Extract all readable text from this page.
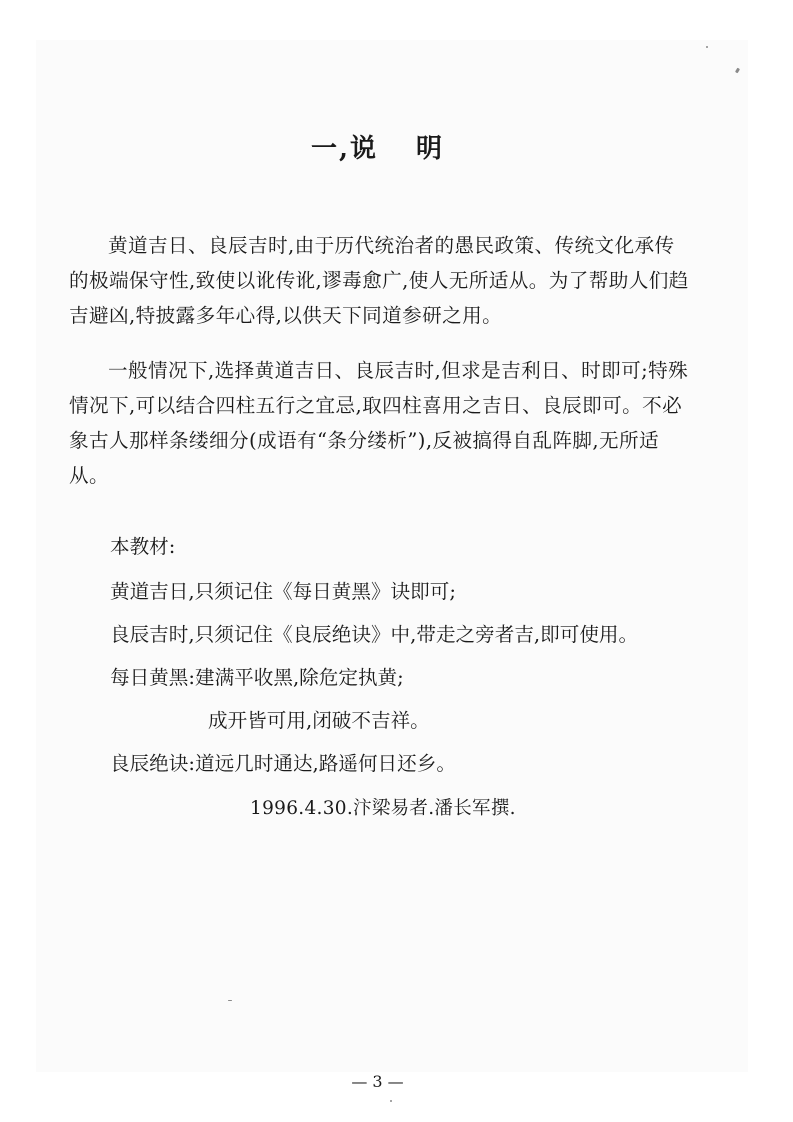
一,说 明
黄道吉日、良辰吉时,由于历代统治者的愚民政策、传统文化承传的极端保守性,致使以讹传讹,谬毒愈广,使人无所适从。为了帮助人们趋吉避凶,特披露多年心得,以供天下同道参研之用。
一般情况下,选择黄道吉日、良辰吉时,但求是吉利日、时即可;特殊情况下,可以结合四柱五行之宜忌,取四柱喜用之吉日、良辰即可。不必象古人那样条缕细分(成语有“条分缕析”),反被搞得自乱阵脚,无所适从。
本教材:
黄道吉日,只须记住《每日黄黑》诀即可;
良辰吉时,只须记住《良辰绝诀》中,带走之旁者吉,即可使用。
每日黄黑:建满平收黑,除危定执黄;
成开皆可用,闭破不吉祥。
良辰绝诀:道远几时通达,路遥何日还乡。
1996.4.30.汴梁易者.潘长军撰.
— 3 —
